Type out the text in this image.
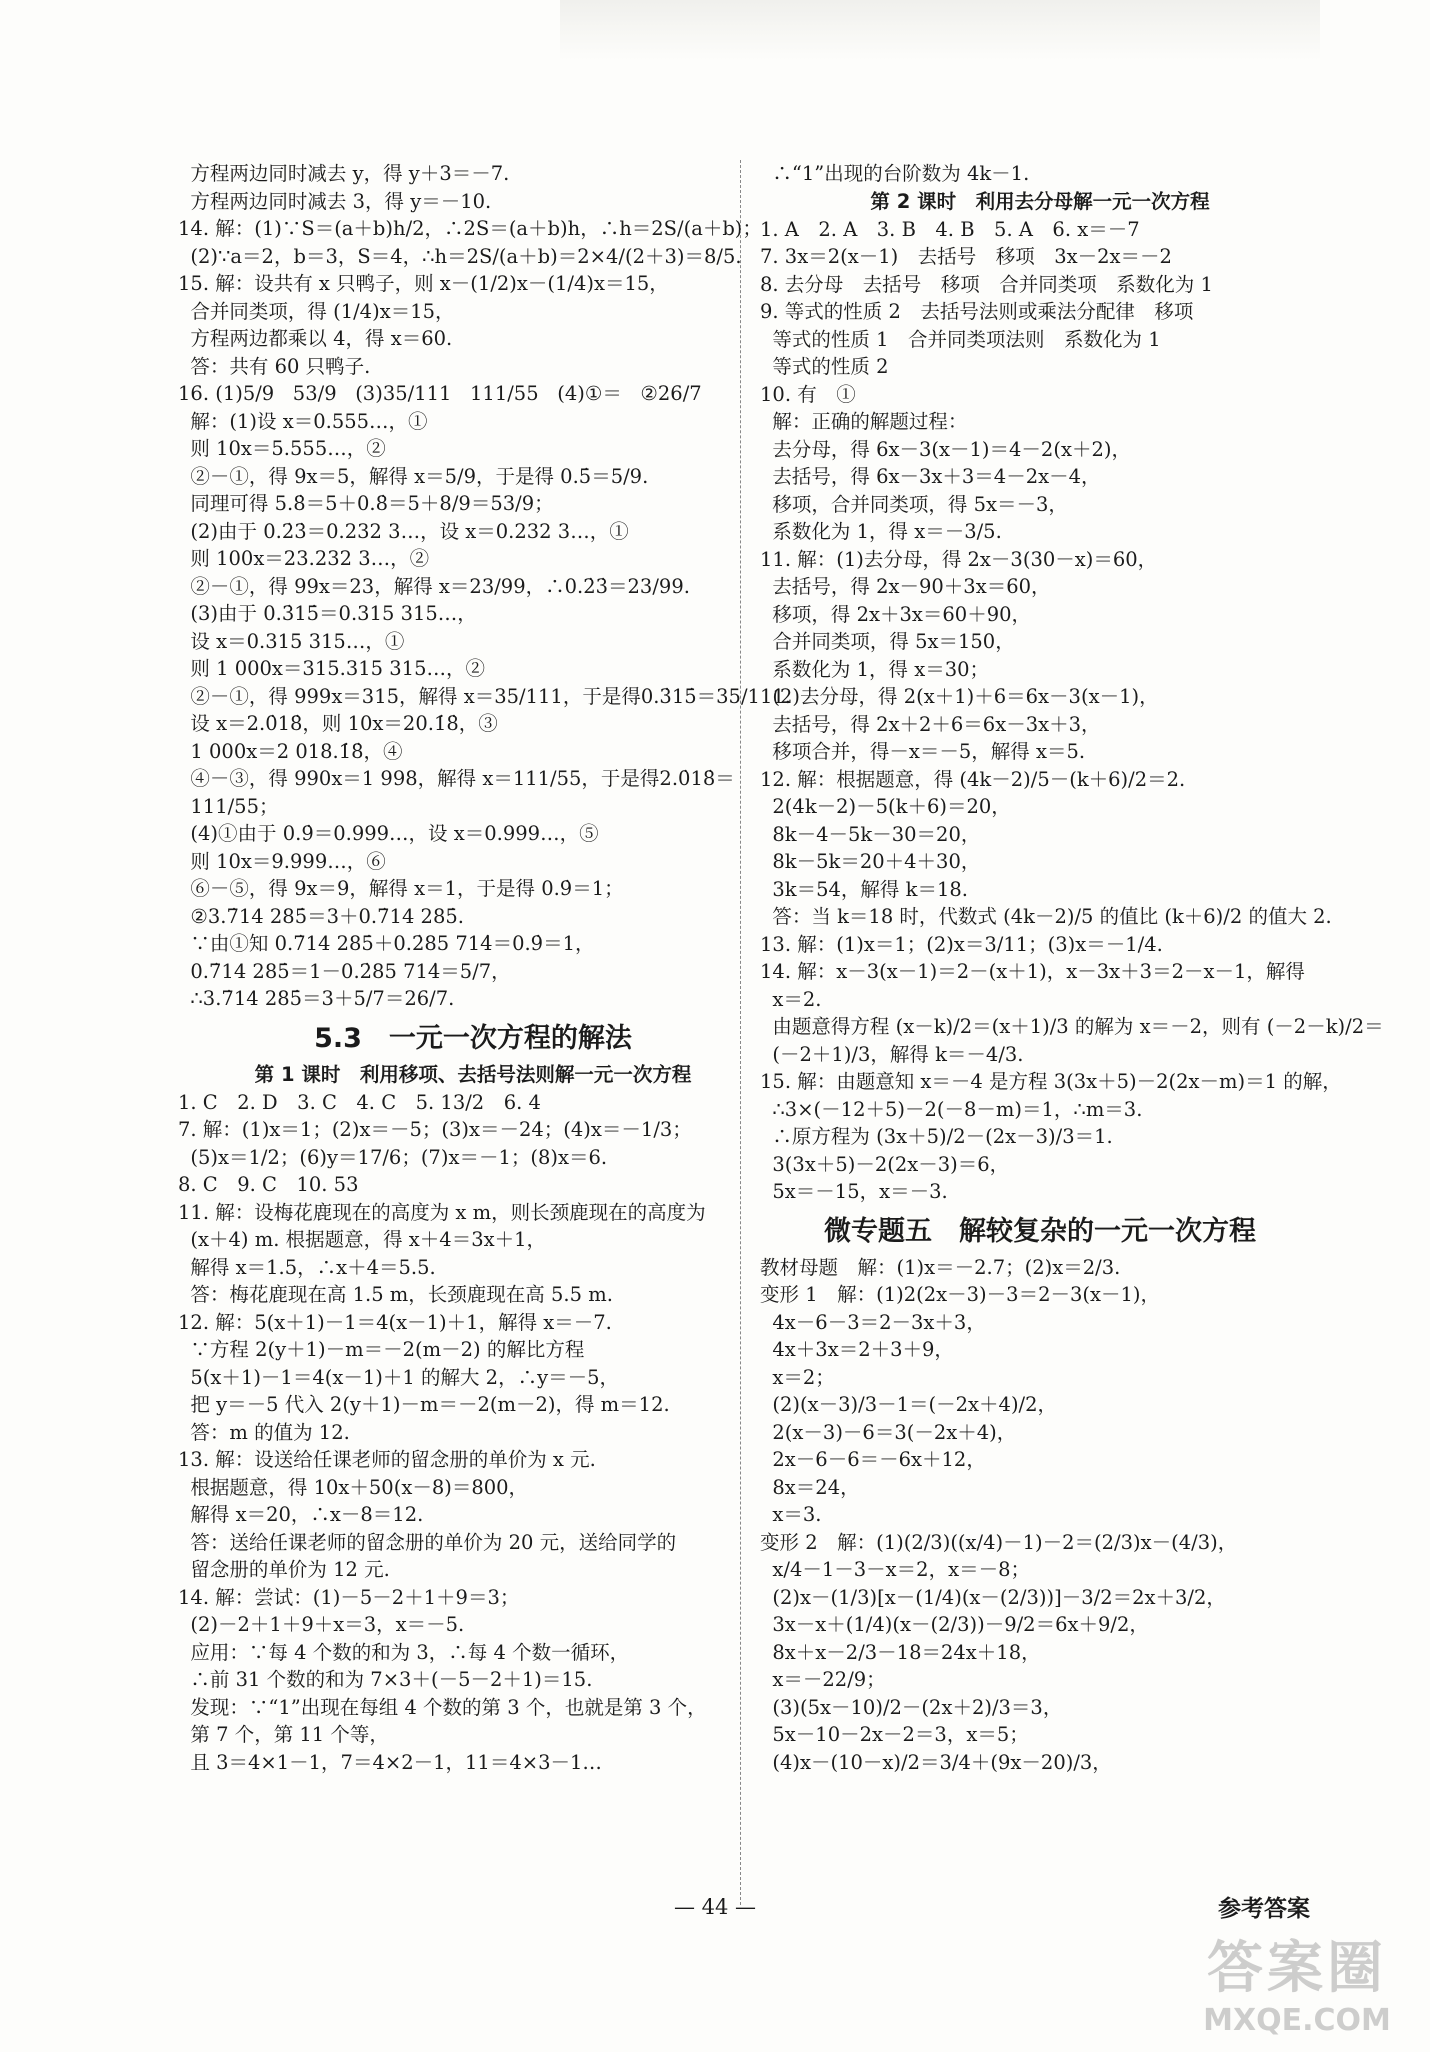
方程两边同时减去 y，得 y＋3＝－7.
方程两边同时减去 3，得 y＝－10.
14. 解：(1)∵S＝(a＋b)h/2，∴2S＝(a＋b)h，∴h＝2S/(a＋b)；
(2)∵a＝2，b＝3，S＝4，∴h＝2S/(a＋b)＝2×4/(2＋3)＝8/5.
15. 解：设共有 x 只鸭子，则 x－(1/2)x－(1/4)x＝15，
合并同类项，得 (1/4)x＝15，
方程两边都乘以 4，得 x＝60.
答：共有 60 只鸭子.
16. (1)5/9   53/9   (3)35/111   111/55   (4)①＝   ②26/7
解：(1)设 x＝0.555…，①
则 10x＝5.555…，②
②－①，得 9x＝5，解得 x＝5/9，于是得 0.5̇＝5/9.
同理可得 5.8̇＝5＋0.8̇＝5＋8/9＝53/9；
(2)由于 0.2̇3̇＝0.232 3…，设 x＝0.232 3…，①
则 100x＝23.232 3…，②
②－①，得 99x＝23，解得 x＝23/99，∴0.2̇3̇＝23/99.
(3)由于 0.3̇15̇＝0.315 315…，
设 x＝0.315 315…，①
则 1 000x＝315.315 315…，②
②－①，得 999x＝315，解得 x＝35/111，于是得0.3̇15̇＝35/111.
设 x＝2.0̇18̇，则 10x＝20.1̇8̇，③
1 000x＝2 018.1̇8̇，④
④－③，得 990x＝1 998，解得 x＝111/55，于是得2.0̇18̇＝
111/55；
(4)①由于 0.9̇＝0.999…，设 x＝0.999…，⑤
则 10x＝9.999…，⑥
⑥－⑤，得 9x＝9，解得 x＝1，于是得 0.9̇＝1；
②3.7̇14 285̇＝3＋0.7̇14 285̇.
∵由①知 0.7̇14 285̇＋0.2̇85 714̇＝0.9̇＝1，
0.7̇14 285̇＝1－0.2̇85 714̇＝5/7，
∴3.7̇14 285̇＝3＋5/7＝26/7.
5.3　一元一次方程的解法
第 1 课时　利用移项、去括号法则解一元一次方程
1. C　2. D　3. C　4. C　5. 13/2　6. 4
7. 解：(1)x＝1；(2)x＝－5；(3)x＝－24；(4)x＝－1/3；
(5)x＝1/2；(6)y＝17/6；(7)x＝－1；(8)x＝6.
8. C　9. C　10. 53
11. 解：设梅花鹿现在的高度为 x m，则长颈鹿现在的高度为
(x＋4) m. 根据题意，得 x＋4＝3x＋1，
解得 x＝1.5，∴x＋4＝5.5.
答：梅花鹿现在高 1.5 m，长颈鹿现在高 5.5 m.
12. 解：5(x＋1)－1＝4(x－1)＋1，解得 x＝－7.
∵方程 2(y＋1)－m＝－2(m－2) 的解比方程
5(x＋1)－1＝4(x－1)＋1 的解大 2，∴y＝－5，
把 y＝－5 代入 2(y＋1)－m＝－2(m－2)，得 m＝12.
答：m 的值为 12.
13. 解：设送给任课老师的留念册的单价为 x 元.
根据题意，得 10x＋50(x－8)＝800，
解得 x＝20，∴x－8＝12.
答：送给任课老师的留念册的单价为 20 元，送给同学的
留念册的单价为 12 元.
14. 解：尝试：(1)－5－2＋1＋9＝3；
(2)－2＋1＋9＋x＝3，x＝－5.
应用：∵每 4 个数的和为 3，∴每 4 个数一循环，
∴前 31 个数的和为 7×3＋(－5－2＋1)＝15.
发现：∵“1”出现在每组 4 个数的第 3 个，也就是第 3 个，
第 7 个，第 11 个等，
且 3＝4×1－1，7＝4×2－1，11＝4×3－1…
∴“1”出现的台阶数为 4k－1.
第 2 课时　利用去分母解一元一次方程
1. A　2. A　3. B　4. B　5. A　6. x＝－7
7. 3x＝2(x－1)　去括号　移项　3x－2x＝－2
8. 去分母　去括号　移项　合并同类项　系数化为 1
9. 等式的性质 2　去括号法则或乘法分配律　移项
等式的性质 1　合并同类项法则　系数化为 1
等式的性质 2
10. 有　①
解：正确的解题过程：
去分母，得 6x－3(x－1)＝4－2(x＋2)，
去括号，得 6x－3x＋3＝4－2x－4，
移项，合并同类项，得 5x＝－3，
系数化为 1，得 x＝－3/5.
11. 解：(1)去分母，得 2x－3(30－x)＝60，
去括号，得 2x－90＋3x＝60，
移项，得 2x＋3x＝60＋90，
合并同类项，得 5x＝150，
系数化为 1，得 x＝30；
(2)去分母，得 2(x＋1)＋6＝6x－3(x－1)，
去括号，得 2x＋2＋6＝6x－3x＋3，
移项合并，得－x＝－5，解得 x＝5.
12. 解：根据题意，得 (4k－2)/5－(k＋6)/2＝2.
2(4k－2)－5(k＋6)＝20，
8k－4－5k－30＝20，
8k－5k＝20＋4＋30，
3k＝54，解得 k＝18.
答：当 k＝18 时，代数式 (4k－2)/5 的值比 (k＋6)/2 的值大 2.
13. 解：(1)x＝1；(2)x＝3/11；(3)x＝－1/4.
14. 解：x－3(x－1)＝2－(x＋1)，x－3x＋3＝2－x－1，解得
x＝2.
由题意得方程 (x－k)/2＝(x＋1)/3 的解为 x＝－2，则有 (－2－k)/2＝
(－2＋1)/3，解得 k＝－4/3.
15. 解：由题意知 x＝－4 是方程 3(3x＋5)－2(2x－m)＝1 的解，
∴3×(－12＋5)－2(－8－m)＝1，∴m＝3.
∴原方程为 (3x＋5)/2－(2x－3)/3＝1.
3(3x＋5)－2(2x－3)＝6，
5x＝－15，x＝－3.
微专题五　解较复杂的一元一次方程
教材母题　解：(1)x＝－2.7；(2)x＝2/3.
变形 1　解：(1)2(2x－3)－3＝2－3(x－1)，
4x－6－3＝2－3x＋3，
4x＋3x＝2＋3＋9，
x＝2；
(2)(x－3)/3－1＝(－2x＋4)/2，
2(x－3)－6＝3(－2x＋4)，
2x－6－6＝－6x＋12，
8x＝24，
x＝3.
变形 2　解：(1)(2/3)((x/4)－1)－2＝(2/3)x－(4/3)，
x/4－1－3－x＝2，x＝－8；
(2)x－(1/3)[x－(1/4)(x－(2/3))]－3/2＝2x＋3/2，
3x－x＋(1/4)(x－(2/3))－9/2＝6x＋9/2，
8x＋x－2/3－18＝24x＋18，
x＝－22/9；
(3)(5x－10)/2－(2x＋2)/3＝3，
5x－10－2x－2＝3，x＝5；
(4)x－(10－x)/2＝3/4＋(9x－20)/3，
— 44 —	参考答案
答案圈
MXQE.COM
